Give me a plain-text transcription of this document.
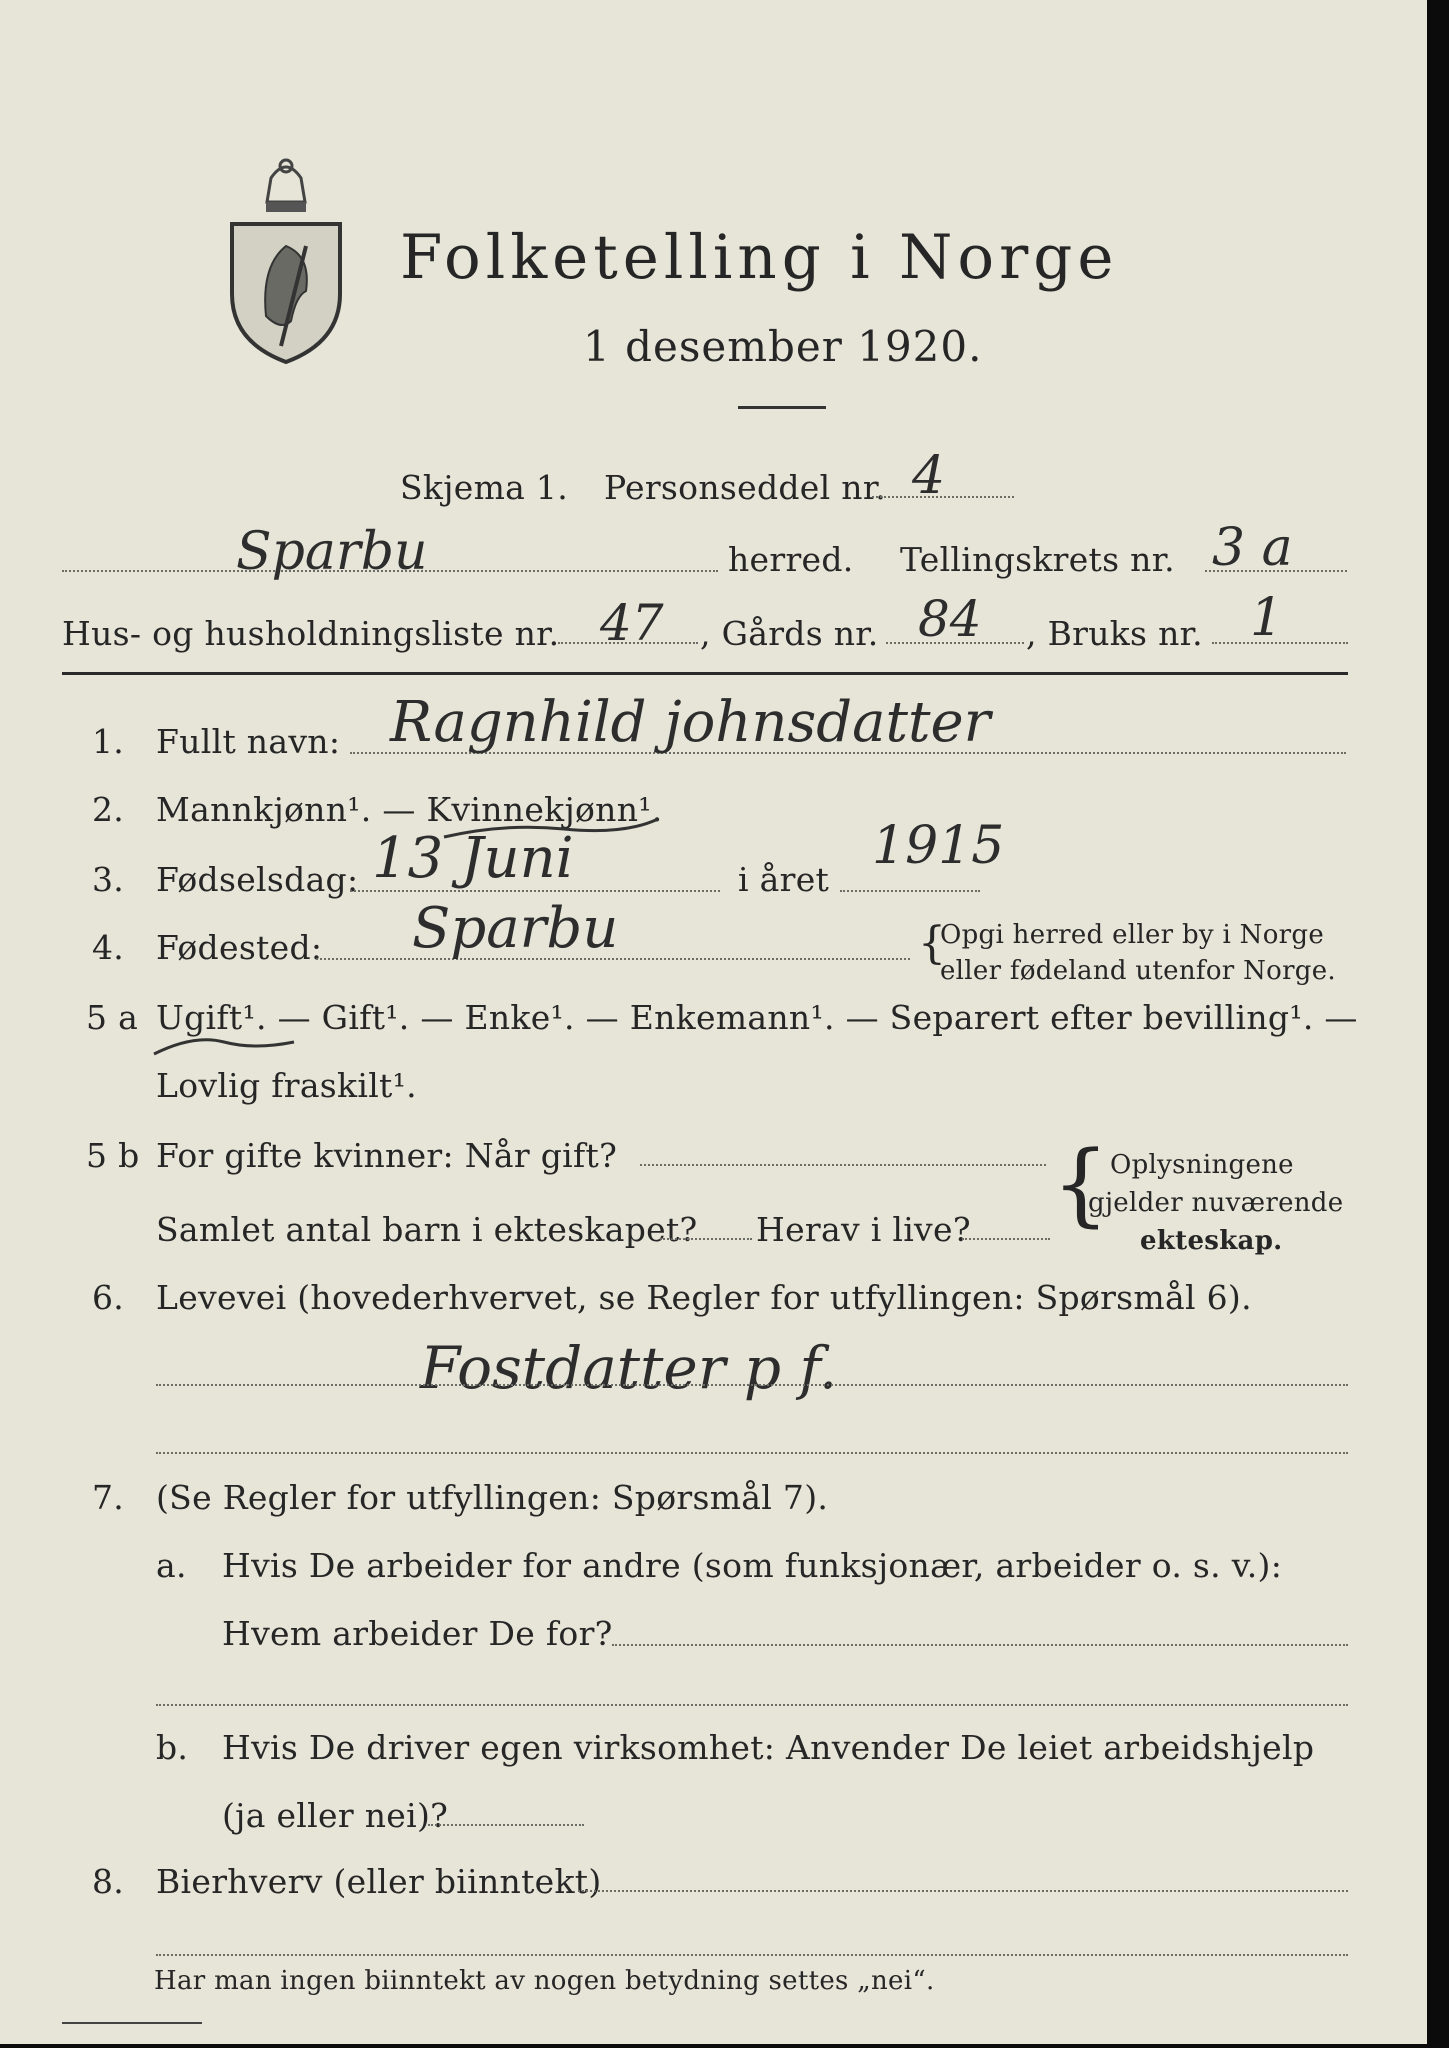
Folketelling i Norge
1 desember 1920.
Skjema 1. Personseddel nr. 4
Sparbu	herred. Tellingskrets nr. 3 a
Hus- og husholdningsliste nr. 47 , Gårds nr. 84 , Bruks nr. 1
1. Fullt navn: Ragnhild johnsdatter
2. Mannkjønn¹. — Kvinnekjønn¹.
3. Fødselsdag: 13 Juni	i året
1915
4. Fødested: Sparbu	Opgi herred eller by i Norge
eller fødeland utenfor Norge.
{
5 a Ugift¹. — Gift¹. — Enke¹. — Enkemann¹. — Separert efter bevilling¹. —
Lovlig fraskilt¹.
5 b For gifte kvinner: Når gift?
Samlet antal barn i ekteskapet? Herav i live? { Oplysningene
gjelder nuværende
ekteskap.
6. Levevei (hovederhvervet, se Regler for utfyllingen: Spørsmål 6).
Fostdatter p f.
7. (Se Regler for utfyllingen: Spørsmål 7).
a. Hvis De arbeider for andre (som funksjonær, arbeider o. s. v.):
Hvem arbeider De for?
b. Hvis De driver egen virksomhet: Anvender De leiet arbeidshjelp
(ja eller nei)?
8. Bierhverv (eller biinntekt)
Har man ingen biinntekt av nogen betydning settes „nei“.
